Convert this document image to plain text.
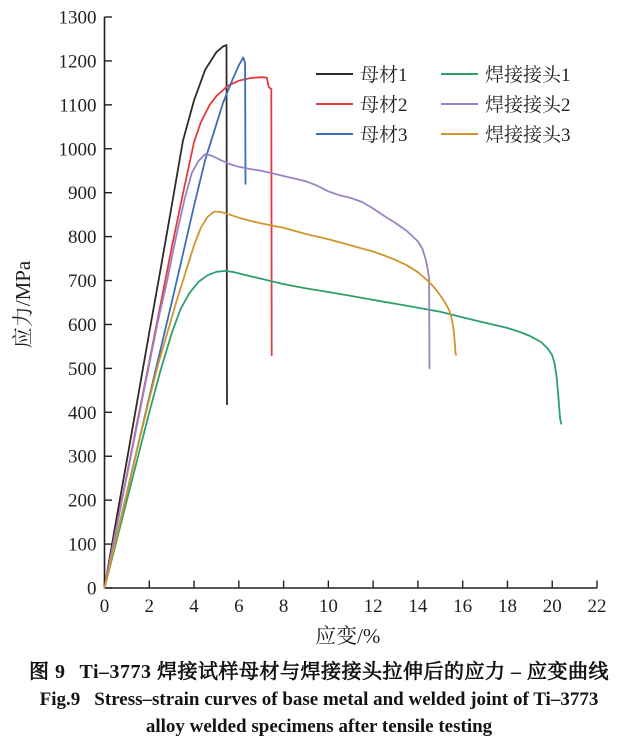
0
100
200
300
400
500
600
700
800
900
1000
1100
1200
1300
0 2 4 6 8 10 12 14 16 18 20 22
应力/MPa
应变/%
母材1
母材2
母材3
焊接接头1
焊接接头2
焊接接头3
图 9 Ti–3773 焊接试样母材与焊接接头拉伸后的应力 – 应变曲线
Fig.9 Stress–strain curves of base metal and welded joint of Ti–3773
alloy welded specimens after tensile testing
